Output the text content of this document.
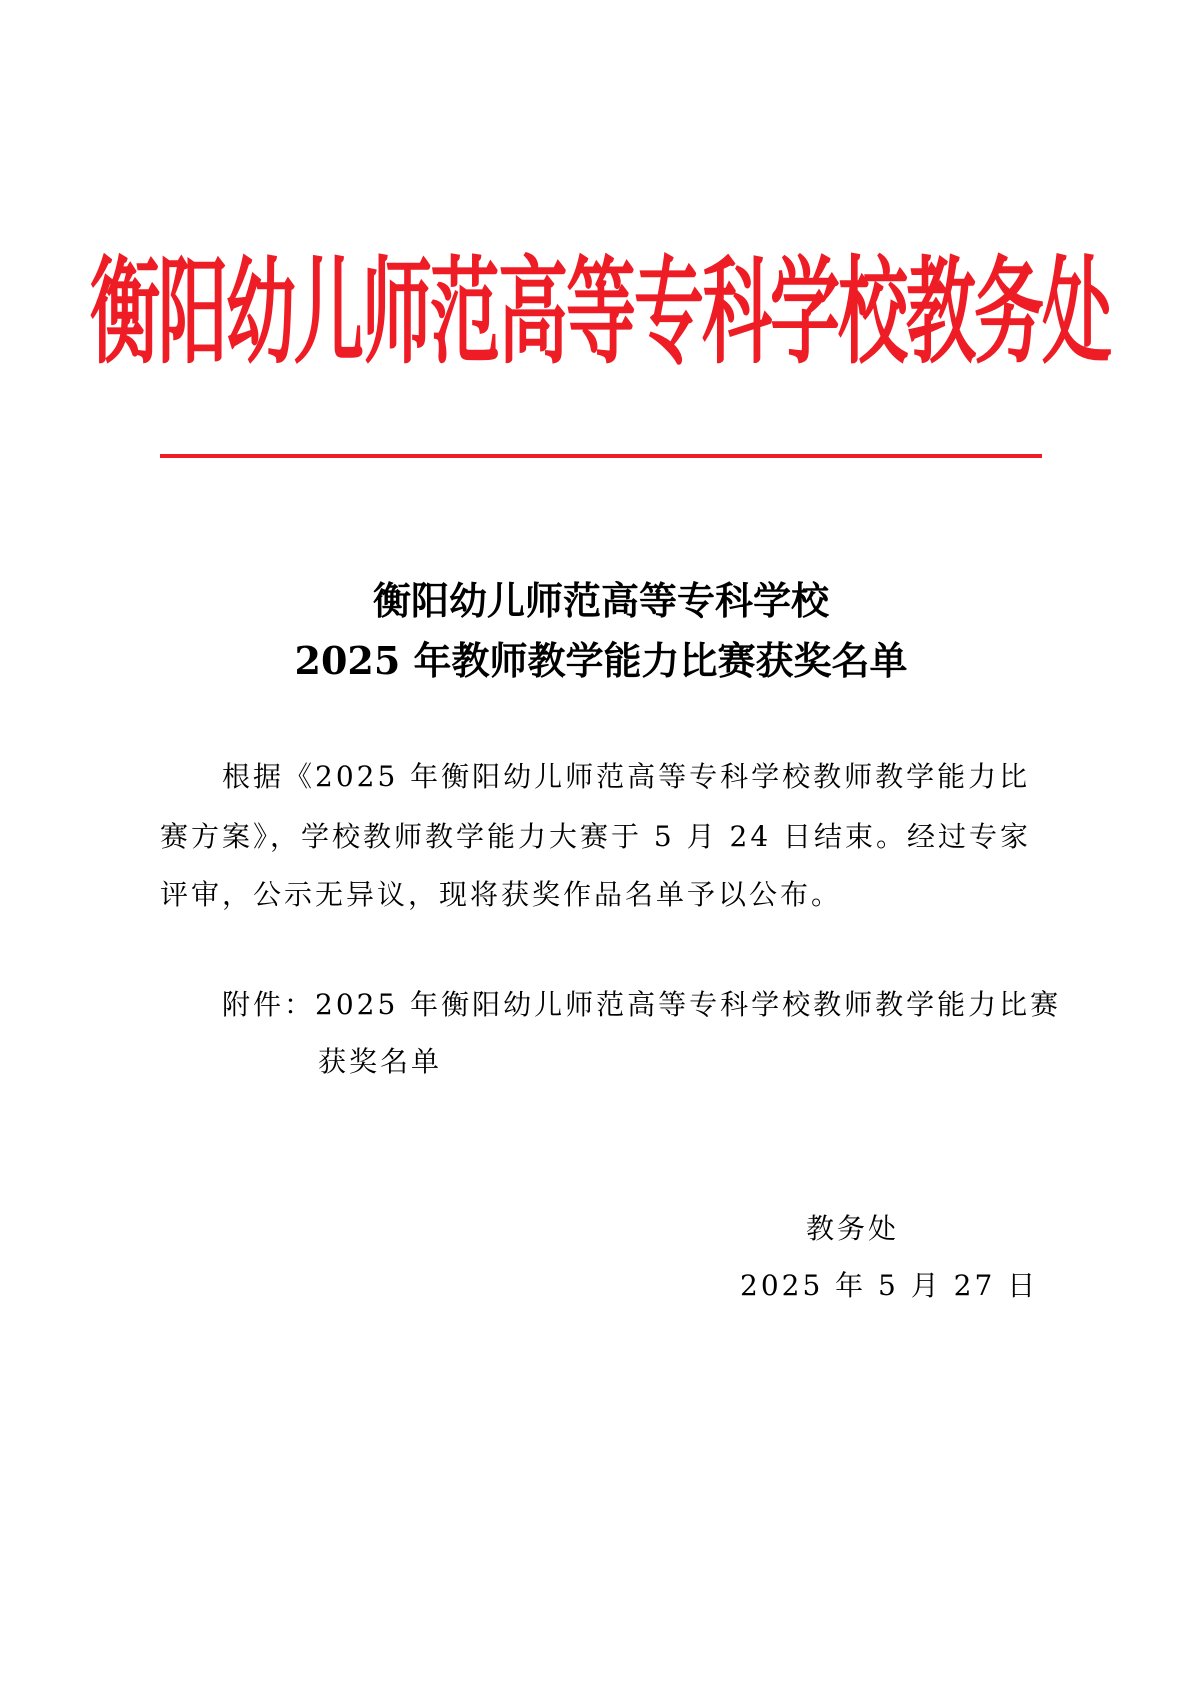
衡阳幼儿师范高等专科学校教务处
衡阳幼儿师范高等专科学校
2025 年教师教学能力比赛获奖名单
根据《2025 年衡阳幼儿师范高等专科学校教师教学能力比
赛方案》，学校教师教学能力大赛于 5 月 24 日结束。经过专家
评审，公示无异议，现将获奖作品名单予以公布。
附件：2025 年衡阳幼儿师范高等专科学校教师教学能力比赛
获奖名单
教务处
2025 年 5 月 27 日
